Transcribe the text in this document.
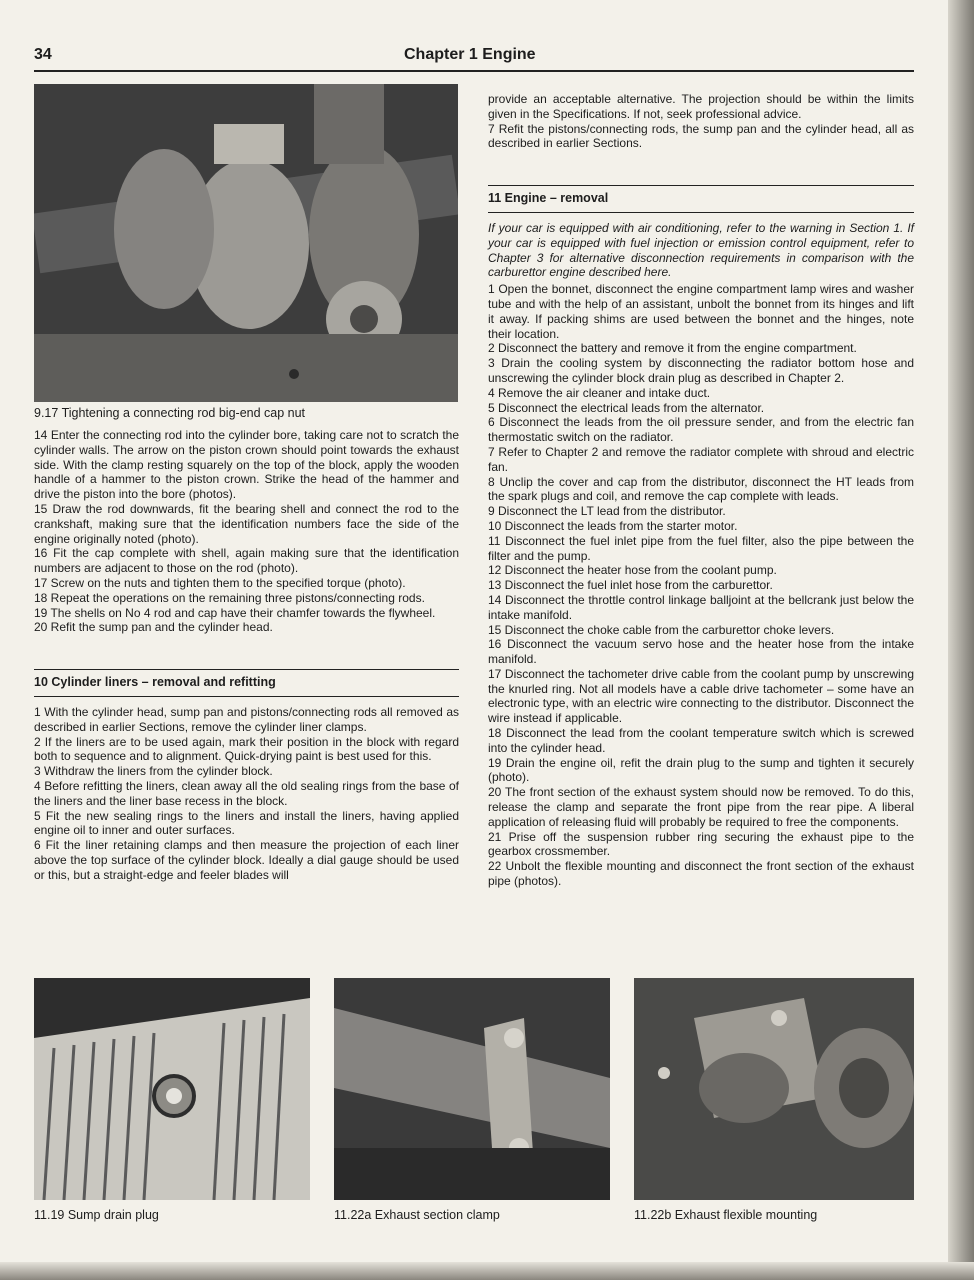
34	Chapter 1 Engine
9.17 Tightening a connecting rod big-end cap nut

14 Enter the connecting rod into the cylinder bore, taking care not to scratch the cylinder walls. The arrow on the piston crown should point towards the exhaust side. With the clamp resting squarely on the top of the block, apply the wooden handle of a hammer to the piston crown. Strike the head of the hammer and drive the piston into the bore (photos).

15 Draw the rod downwards, fit the bearing shell and connect the rod to the crankshaft, making sure that the identification numbers face the side of the engine originally noted (photo).

16 Fit the cap complete with shell, again making sure that the identification numbers are adjacent to those on the rod (photo).

17 Screw on the nuts and tighten them to the specified torque (photo).

18 Repeat the operations on the remaining three pistons/connecting rods.

19 The shells on No 4 rod and cap have their chamfer towards the flywheel.

20 Refit the sump pan and the cylinder head.

10 Cylinder liners – removal and refitting

1 With the cylinder head, sump pan and pistons/connecting rods all removed as described in earlier Sections, remove the cylinder liner clamps.

2 If the liners are to be used again, mark their position in the block with regard both to sequence and to alignment. Quick-drying paint is best used for this.

3 Withdraw the liners from the cylinder block.

4 Before refitting the liners, clean away all the old sealing rings from the base of the liners and the liner base recess in the block.

5 Fit the new sealing rings to the liners and install the liners, having applied engine oil to inner and outer surfaces.

6 Fit the liner retaining clamps and then measure the projection of each liner above the top surface of the cylinder block. Ideally a dial gauge should be used or this, but a straight-edge and feeler blades will

provide an acceptable alternative. The projection should be within the limits given in the Specifications. If not, seek professional advice.

7 Refit the pistons/connecting rods, the sump pan and the cylinder head, all as described in earlier Sections.

11 Engine – removal

If your car is equipped with air conditioning, refer to the warning in Section 1. If your car is equipped with fuel injection or emission control equipment, refer to Chapter 3 for alternative disconnection requirements in comparison with the carburettor engine described here.

1 Open the bonnet, disconnect the engine compartment lamp wires and washer tube and with the help of an assistant, unbolt the bonnet from its hinges and lift it away. If packing shims are used between the bonnet and the hinges, note their location.

2 Disconnect the battery and remove it from the engine compartment.

3 Drain the cooling system by disconnecting the radiator bottom hose and unscrewing the cylinder block drain plug as described in Chapter 2.

4 Remove the air cleaner and intake duct.

5 Disconnect the electrical leads from the alternator.

6 Disconnect the leads from the oil pressure sender, and from the electric fan thermostatic switch on the radiator.

7 Refer to Chapter 2 and remove the radiator complete with shroud and electric fan.

8 Unclip the cover and cap from the distributor, disconnect the HT leads from the spark plugs and coil, and remove the cap complete with leads.

9 Disconnect the LT lead from the distributor.

10 Disconnect the leads from the starter motor.

11 Disconnect the fuel inlet pipe from the fuel filter, also the pipe between the filter and the pump.

12 Disconnect the heater hose from the coolant pump.

13 Disconnect the fuel inlet hose from the carburettor.

14 Disconnect the throttle control linkage balljoint at the bellcrank just below the intake manifold.

15 Disconnect the choke cable from the carburettor choke levers.

16 Disconnect the vacuum servo hose and the heater hose from the intake manifold.

17 Disconnect the tachometer drive cable from the coolant pump by unscrewing the knurled ring. Not all models have a cable drive tachometer – some have an electronic type, with an electric wire connecting to the distributor. Disconnect the wire instead if applicable.

18 Disconnect the lead from the coolant temperature switch which is screwed into the cylinder head.

19 Drain the engine oil, refit the drain plug to the sump and tighten it securely (photo).

20 The front section of the exhaust system should now be removed. To do this, release the clamp and separate the front pipe from the rear pipe. A liberal application of releasing fluid will probably be required to free the components.

21 Prise off the suspension rubber ring securing the exhaust pipe to the gearbox crossmember.

22 Unbolt the flexible mounting and disconnect the front section of the exhaust pipe (photos).

11.19 Sump drain plug	11.22a Exhaust section clamp	11.22b Exhaust flexible mounting
